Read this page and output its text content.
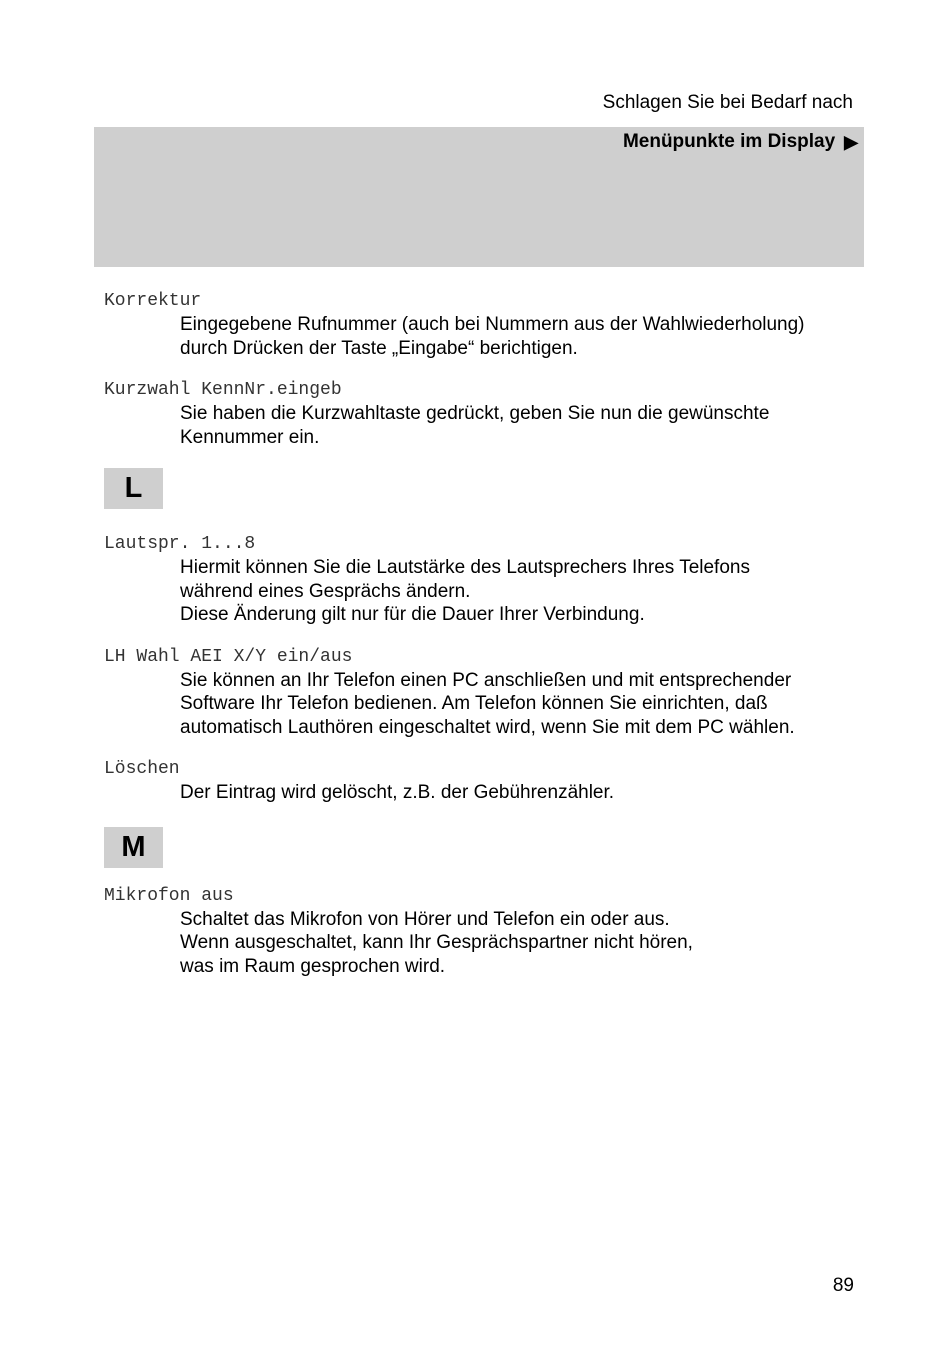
Schlagen Sie bei Bedarf nach
Menüpunkte im Display ▶
Korrektur
Eingegebene Rufnummer (auch bei Nummern aus der Wahlwiederholung)
durch Drücken der Taste „Eingabe“ berichtigen.
Kurzwahl KennNr.eingeb
Sie haben die Kurzwahltaste gedrückt, geben Sie nun die gewünschte
Kennummer ein.
L
Lautspr. 1...8
Hiermit können Sie die Lautstärke des Lautsprechers Ihres Telefons
während eines Gesprächs ändern.
Diese Änderung gilt nur für die Dauer Ihrer Verbindung.
LH Wahl AEI X/Y ein/aus
Sie können an Ihr Telefon einen PC anschließen und mit entsprechender
Software Ihr Telefon bedienen. Am Telefon können Sie einrichten, daß
automatisch Lauthören eingeschaltet wird, wenn Sie mit dem PC wählen.
Löschen
Der Eintrag wird gelöscht, z.B. der Gebührenzähler.
M
Mikrofon aus
Schaltet das Mikrofon von Hörer und Telefon ein oder aus.
Wenn ausgeschaltet, kann Ihr Gesprächspartner nicht hören,
was im Raum gesprochen wird.
89
